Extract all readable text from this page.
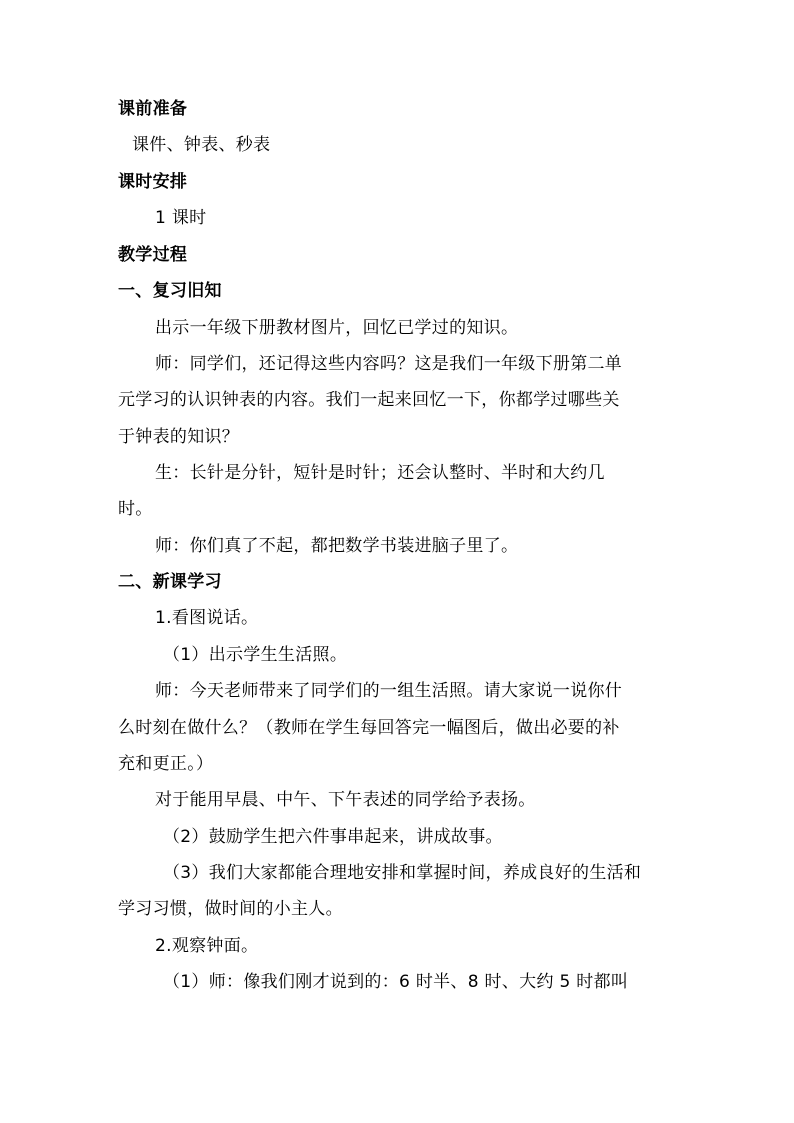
课前准备
课件、钟表、秒表
课时安排
1 课时
教学过程
一、复习旧知
出示一年级下册教材图片，回忆已学过的知识。
师：同学们，还记得这些内容吗？这是我们一年级下册第二单
元学习的认识钟表的内容。我们一起来回忆一下，你都学过哪些关
于钟表的知识？
生：长针是分针，短针是时针；还会认整时、半时和大约几
时。
师：你们真了不起，都把数学书装进脑子里了。
二、新课学习
1.看图说话。
（1）出示学生生活照。
师：今天老师带来了同学们的一组生活照。请大家说一说你什
么时刻在做什么？（教师在学生每回答完一幅图后，做出必要的补
充和更正。）
对于能用早晨、中午、下午表述的同学给予表扬。
（2）鼓励学生把六件事串起来，讲成故事。
（3）我们大家都能合理地安排和掌握时间，养成良好的生活和
学习习惯，做时间的小主人。
2.观察钟面。
（1）师：像我们刚才说到的：6 时半、8 时、大约 5 时都叫
